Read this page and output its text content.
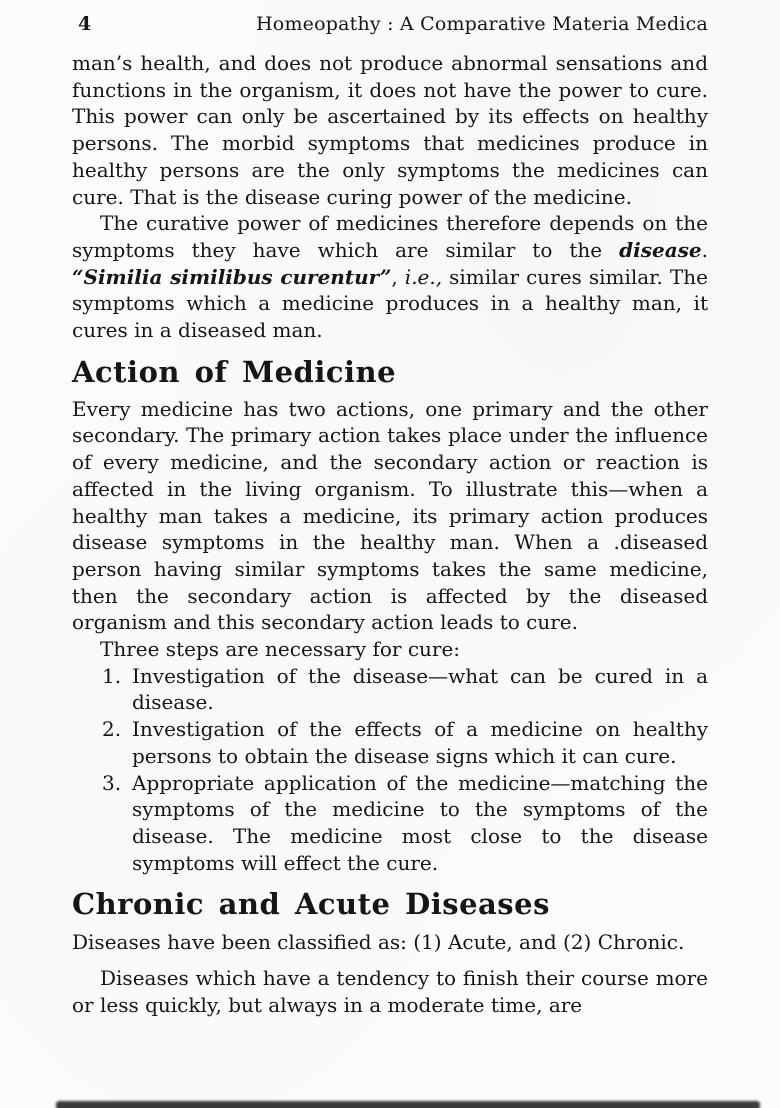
4	Homeopathy : A Comparative Materia Medica

man’s health, and does not produce abnormal sensations and functions in the organism, it does not have the power to cure. This power can only be ascertained by its effects on healthy persons. The morbid symptoms that medicines produce in healthy persons are the only symptoms the medicines can cure. That is the disease curing power of the medicine.

The curative power of medicines therefore depends on the symptoms they have which are similar to the disease. “Similia similibus curentur”, i.e., similar cures similar. The symptoms which a medicine produces in a healthy man, it cures in a diseased man.

Action of Medicine

Every medicine has two actions, one primary and the other secondary. The primary action takes place under the influence of every medicine, and the secondary action or reaction is affected in the living organism. To illustrate this—when a healthy man takes a medicine, its primary action produces disease symptoms in the healthy man. When a .diseased person having similar symptoms takes the same medicine, then the secondary action is affected by the diseased organism and this secondary action leads to cure.

Three steps are necessary for cure:

1. Investigation of the disease—what can be cured in a disease.
2. Investigation of the effects of a medicine on healthy persons to obtain the disease signs which it can cure.
3. Appropriate application of the medicine—matching the symptoms of the medicine to the symptoms of the disease. The medicine most close to the disease symptoms will effect the cure.
Chronic and Acute Diseases

Diseases have been classified as: (1) Acute, and (2) Chronic.

Diseases which have a tendency to finish their course more or less quickly, but always in a moderate time, are
